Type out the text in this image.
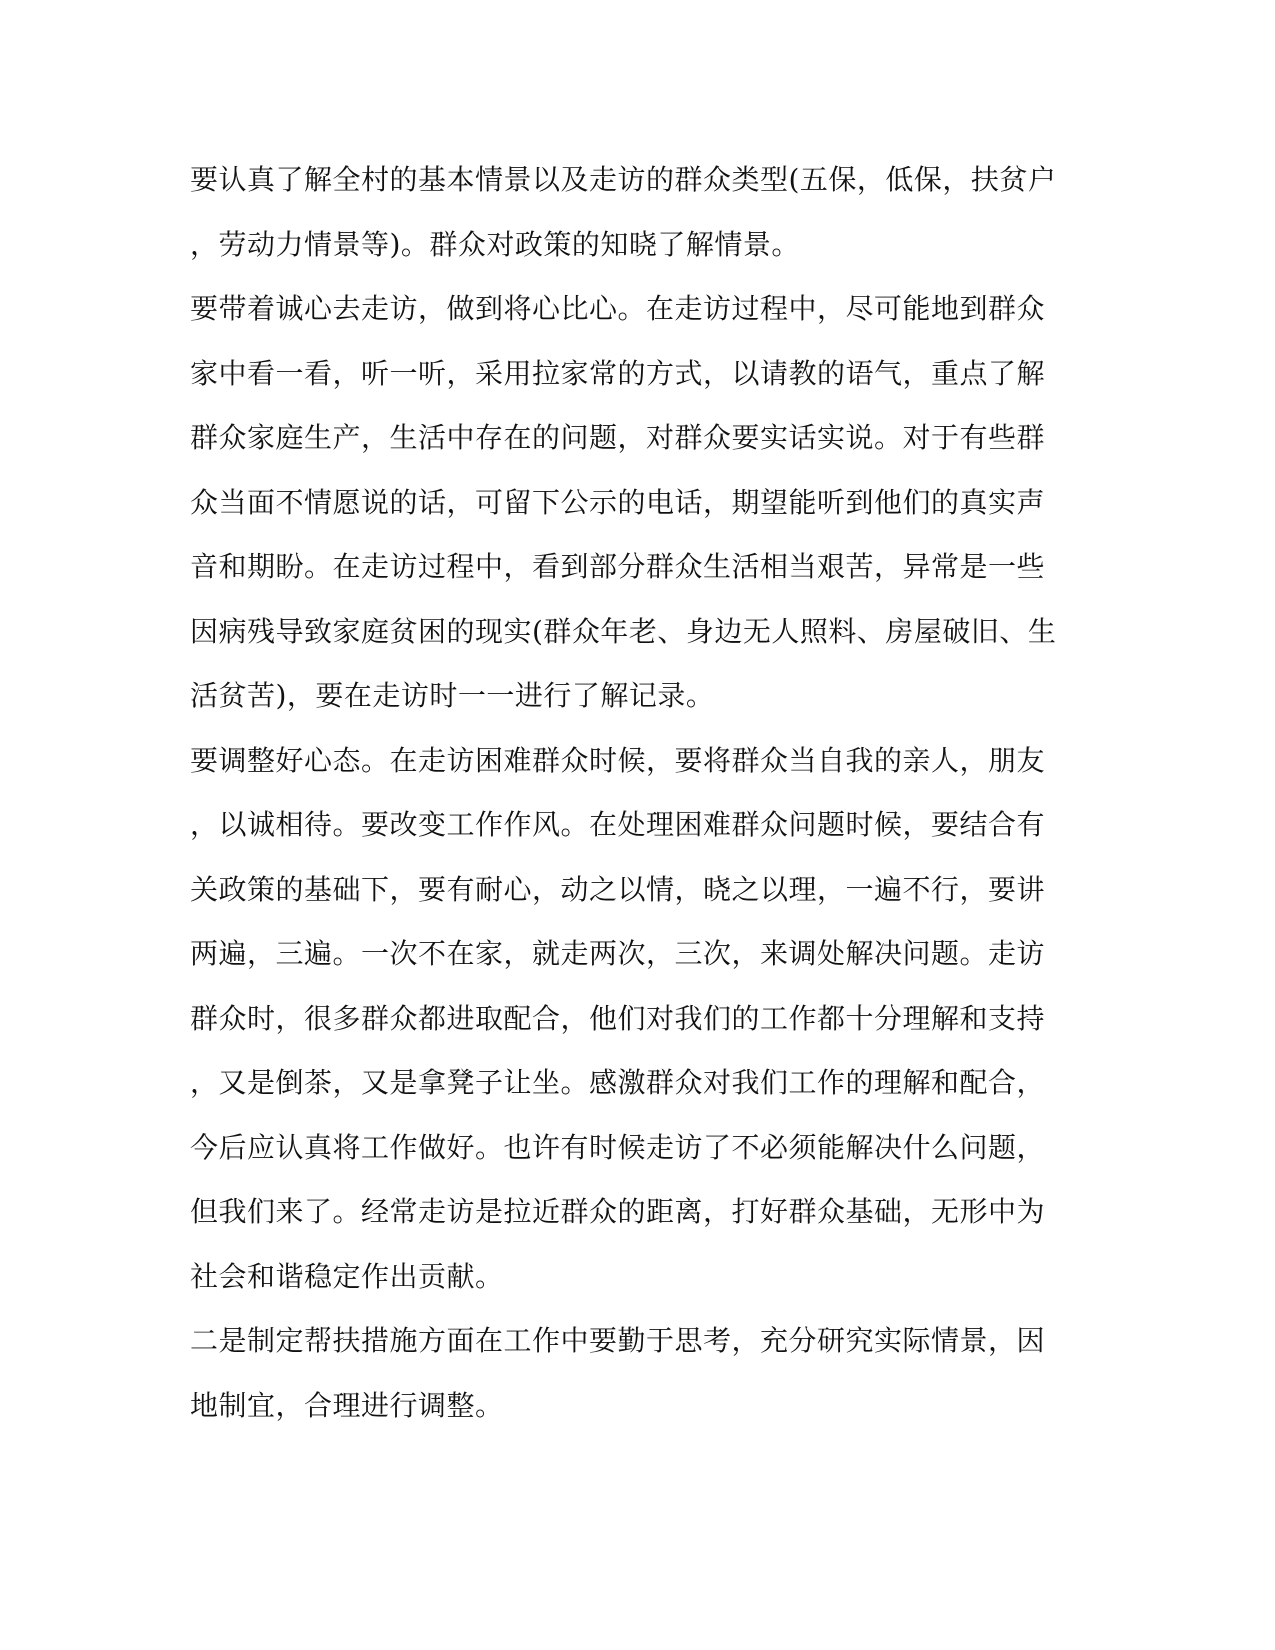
要认真了解全村的基本情景以及走访的群众类型(五保，低保，扶贫户
，劳动力情景等)。群众对政策的知晓了解情景。
要带着诚心去走访，做到将心比心。在走访过程中，尽可能地到群众
家中看一看，听一听，采用拉家常的方式，以请教的语气，重点了解
群众家庭生产，生活中存在的问题，对群众要实话实说。对于有些群
众当面不情愿说的话，可留下公示的电话，期望能听到他们的真实声
音和期盼。在走访过程中，看到部分群众生活相当艰苦，异常是一些
因病残导致家庭贫困的现实(群众年老、身边无人照料、房屋破旧、生
活贫苦)，要在走访时一一进行了解记录。
要调整好心态。在走访困难群众时候，要将群众当自我的亲人，朋友
，以诚相待。要改变工作作风。在处理困难群众问题时候，要结合有
关政策的基础下，要有耐心，动之以情，晓之以理，一遍不行，要讲
两遍，三遍。一次不在家，就走两次，三次，来调处解决问题。走访
群众时，很多群众都进取配合，他们对我们的工作都十分理解和支持
，又是倒茶，又是拿凳子让坐。感激群众对我们工作的理解和配合，
今后应认真将工作做好。也许有时候走访了不必须能解决什么问题，
但我们来了。经常走访是拉近群众的距离，打好群众基础，无形中为
社会和谐稳定作出贡献。
二是制定帮扶措施方面在工作中要勤于思考，充分研究实际情景，因
地制宜，合理进行调整。
